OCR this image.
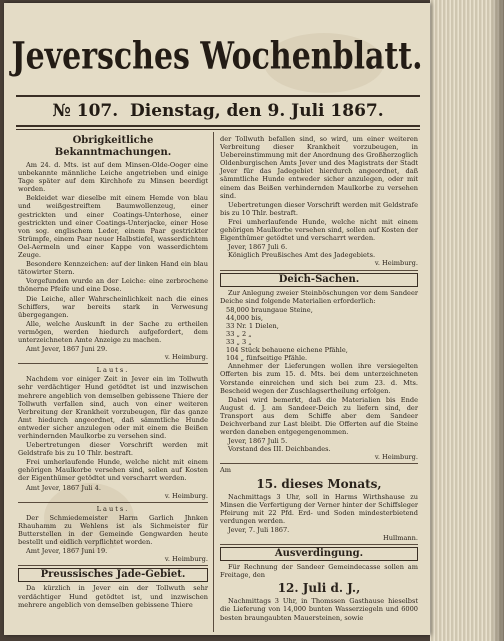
Jeversches Wochenblatt.
№ 107. Dienstag, den 9. Juli 1867.
Obrigkeitliche Bekanntmachungen.

Am 24. d. Mts. ist auf dem Minsen-Olde-Ooger eine unbekannte männliche Leiche angetrieben und einige Tage später auf dem Kirchhofe zu Minsen beerdigt worden.

Bekleidet war dieselbe mit einem Hemde von blau und weißgestreiftem Baumwollenzeug, einer gestrickten und einer Coatings-Unterhose, einer gestrickten und einer Coatings-Unterjacke, einer Hose von sog. englischem Leder, einem Paar gestrickter Strümpfe, einem Paar neuer Halbstiefel, wasserdichtem Oel-Aermeln und einer Kappe von wasserdichtem Zeuge.

Besondere Kennzeichen: auf der linken Hand ein blau tätowirter Stern.

Vorgefunden wurde an der Leiche: eine zerbrochene thönerne Pfeife und eine Dose.

Die Leiche, aller Wahrscheinlichkeit nach die eines Schiffers, war bereits stark in Verwesung übergegangen.

Alle, welche Auskunft in der Sache zu ertheilen vermögen, werden hiedurch aufgefordert, dem unterzeichneten Amte Anzeige zu machen.

Amt Jever, 1867 Juni 29.
v. Heimburg.
Lauts.

Nachdem vor einiger Zeit in Jever ein im Tollwuth sehr verdächtiger Hund getödtet ist und inzwischen mehrere angeblich von demselben gebissene Thiere der Tollwuth verfallen sind, auch von einer weiteren Verbreitung der Krankheit vorzubeugen, für das ganze Amt hiedurch angeordnet, daß sämmtliche Hunde entweder sicher anzulegen oder mit einem die Beißen verhindernden Maulkorbe zu versehen sind.

Uebertretungen dieser Vorschrift werden mit Geldstrafe bis zu 10 Thlr. bestraft.

Frei umherlaufende Hunde, welche nicht mit einem gehörigen Maulkorbe versehen sind, sollen auf Kosten der Eigenthümer getödtet und verscharrt werden.

Amt Jever, 1867 Juli 4.
v. Heimburg.
Lauts.

Der Schmiedemeister Harm Garlich Jhnken Rhauhamm zu Wehlens ist als Sichmeister für Butterstellen in der Gemeinde Gengwarden heute bestellt und eidlich verpflichtet worden.

Amt Jever, 1867 Juni 19.
v. Heimburg.
Preussisches Jade-Gebiet.

Da kürzlich in Jever ein der Tollwuth sehr verdächtiger Hund getödtet ist, und inzwischen mehrere angeblich von demselben gebissene Thiere

der Tollwuth befallen sind, so wird, um einer weiteren Verbreitung dieser Krankheit vorzubeugen, in Uebereinstimmung mit der Anordnung des Großherzoglich Oldenburgischen Amts Jever und des Magistrats der Stadt Jever für das Jadegebiet hierdurch angeordnet, daß sämmtliche Hunde entweder sicher anzulegen, oder mit einem das Beißen verhindernden Maulkorbe zu versehen sind.

Uebertretungen dieser Vorschrift werden mit Geldstrafe bis zu 10 Thlr. bestraft.

Frei umherlaufende Hunde, welche nicht mit einem gehörigen Maulkorbe versehen sind, sollen auf Kosten der Eigenthümer getödtet und verscharrt werden.

Jever, 1867 Juli 6.
Königlich Preußisches Amt des Jadegebiets.
v. Heimburg.
Deich-Sachen.

Zur Anlegung zweier Steinböschungen vor dem Sandeer Deiche sind folgende Materialien erforderlich:

58,000 braungaue Steine,
44,000 bis,
33 Nr. 1 Dielen,
33 „ 2 „
33 „ 3 „
104 Stück behauene eichene Pfähle,
104 „ fünfseitige Pfähle.

Annehmer der Lieferungen wollen ihre versiegelten Offerten bis zum 15. d. Mts. bei dem unterzeichneten Vorstande einreichen und sich bei zum 23. d. Mts. Bescheid wegen der Zuschlagsertheilung erfolgen.

Dabei wird bemerkt, daß die Materialien bis Ende August d. J. am Sandeer-Deich zu liefern sind, der Transport aus dem Schiffe aber dem Sandeer Deichverband zur Last bleibt. Die Offerten auf die Steine werden daneben entgegengenommen.

Jever, 1867 Juli 5.
Vorstand des III. Deichbandes.
v. Heimburg.

Am

15. dieses Monats,

Nachmittags 3 Uhr, soll in Harms Wirthshause zu Minsen die Verfertigung der Verner hinter der Schiffsleger Pfeirung mit 22 Pfd. Erd- und Soden mindesterbietend verdungen werden.

Jever, 7. Juli 1867.
Hullmann.
Ausverdingung.

Für Rechnung der Sandeer Gemeindecasse sollen am Freitage, den

12. Juli d. J.,

Nachmittags 3 Uhr, in Thomssen Gasthause hieselbst die Lieferung von 14,000 bunten Wasserziegeln und 6000 besten braungaubten Mauersteinen, sowie
